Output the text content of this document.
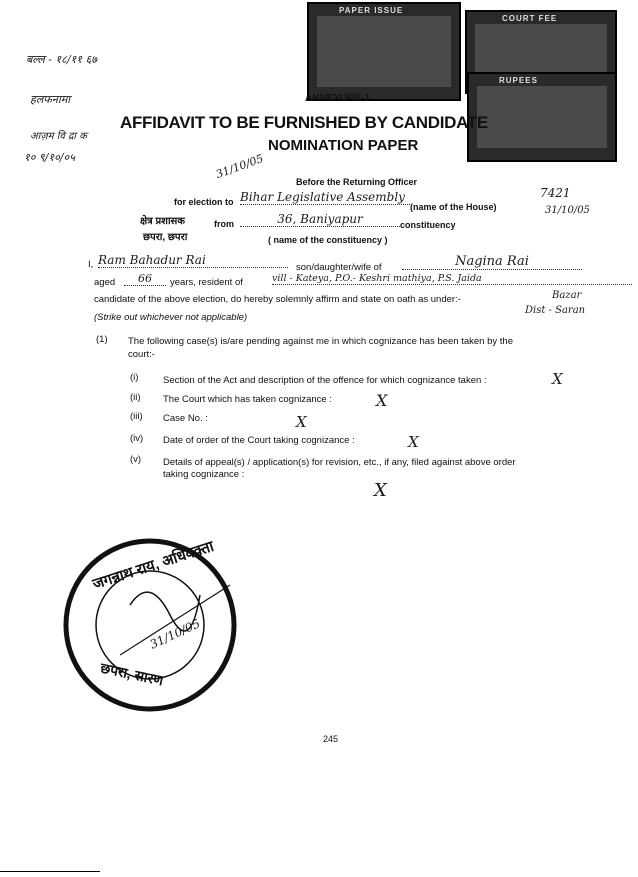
बल्ल - १८/११ ६७
हलफनामा
आज़म वि द्रा क
१० ९/१०/०५
PAPER ISSUE
COURT FEE
RUPEES
ANNEXURE-1
AFFIDAVIT TO BE FURNISHED BY CANDIDATE
NOMINATION PAPER
Before the Returning Officer
for election to Bihar Legislative Assembly
(name of the House)
7421
31/10/05
31/10/05
क्षेत्र प्रशासक	from	36, Baniyapur	constituency
छपरा, छपरा	( name of the constituency )
I, Ram Bahadur Rai
son/daughter/wife of	Nagina Rai
aged	66	years, resident of	vill - Kateya, P.O.- Keshri mathiya, P.S. Jaida
Bazar
Dist - Saran
candidate of the above election, do hereby solemnly affirm and state on oath as under:-
(Strike out whichever not applicable)
(1) The following case(s) is/are pending against me in which cognizance has been taken by the
court:-
(i)	Section of the Act and description of the offence for which cognizance taken :	X
(ii) The Court which has taken cognizance :	X
(iii) Case No. :	X
(iv) Date of order of the Court taking cognizance :	X
(v) Details of appeal(s) / application(s) for revision, etc., if any, filed against above order
taking cognizance :
X
जगन्नाथ राय, अधिवक्ता
छपरा, सारण
31/10/05
245
